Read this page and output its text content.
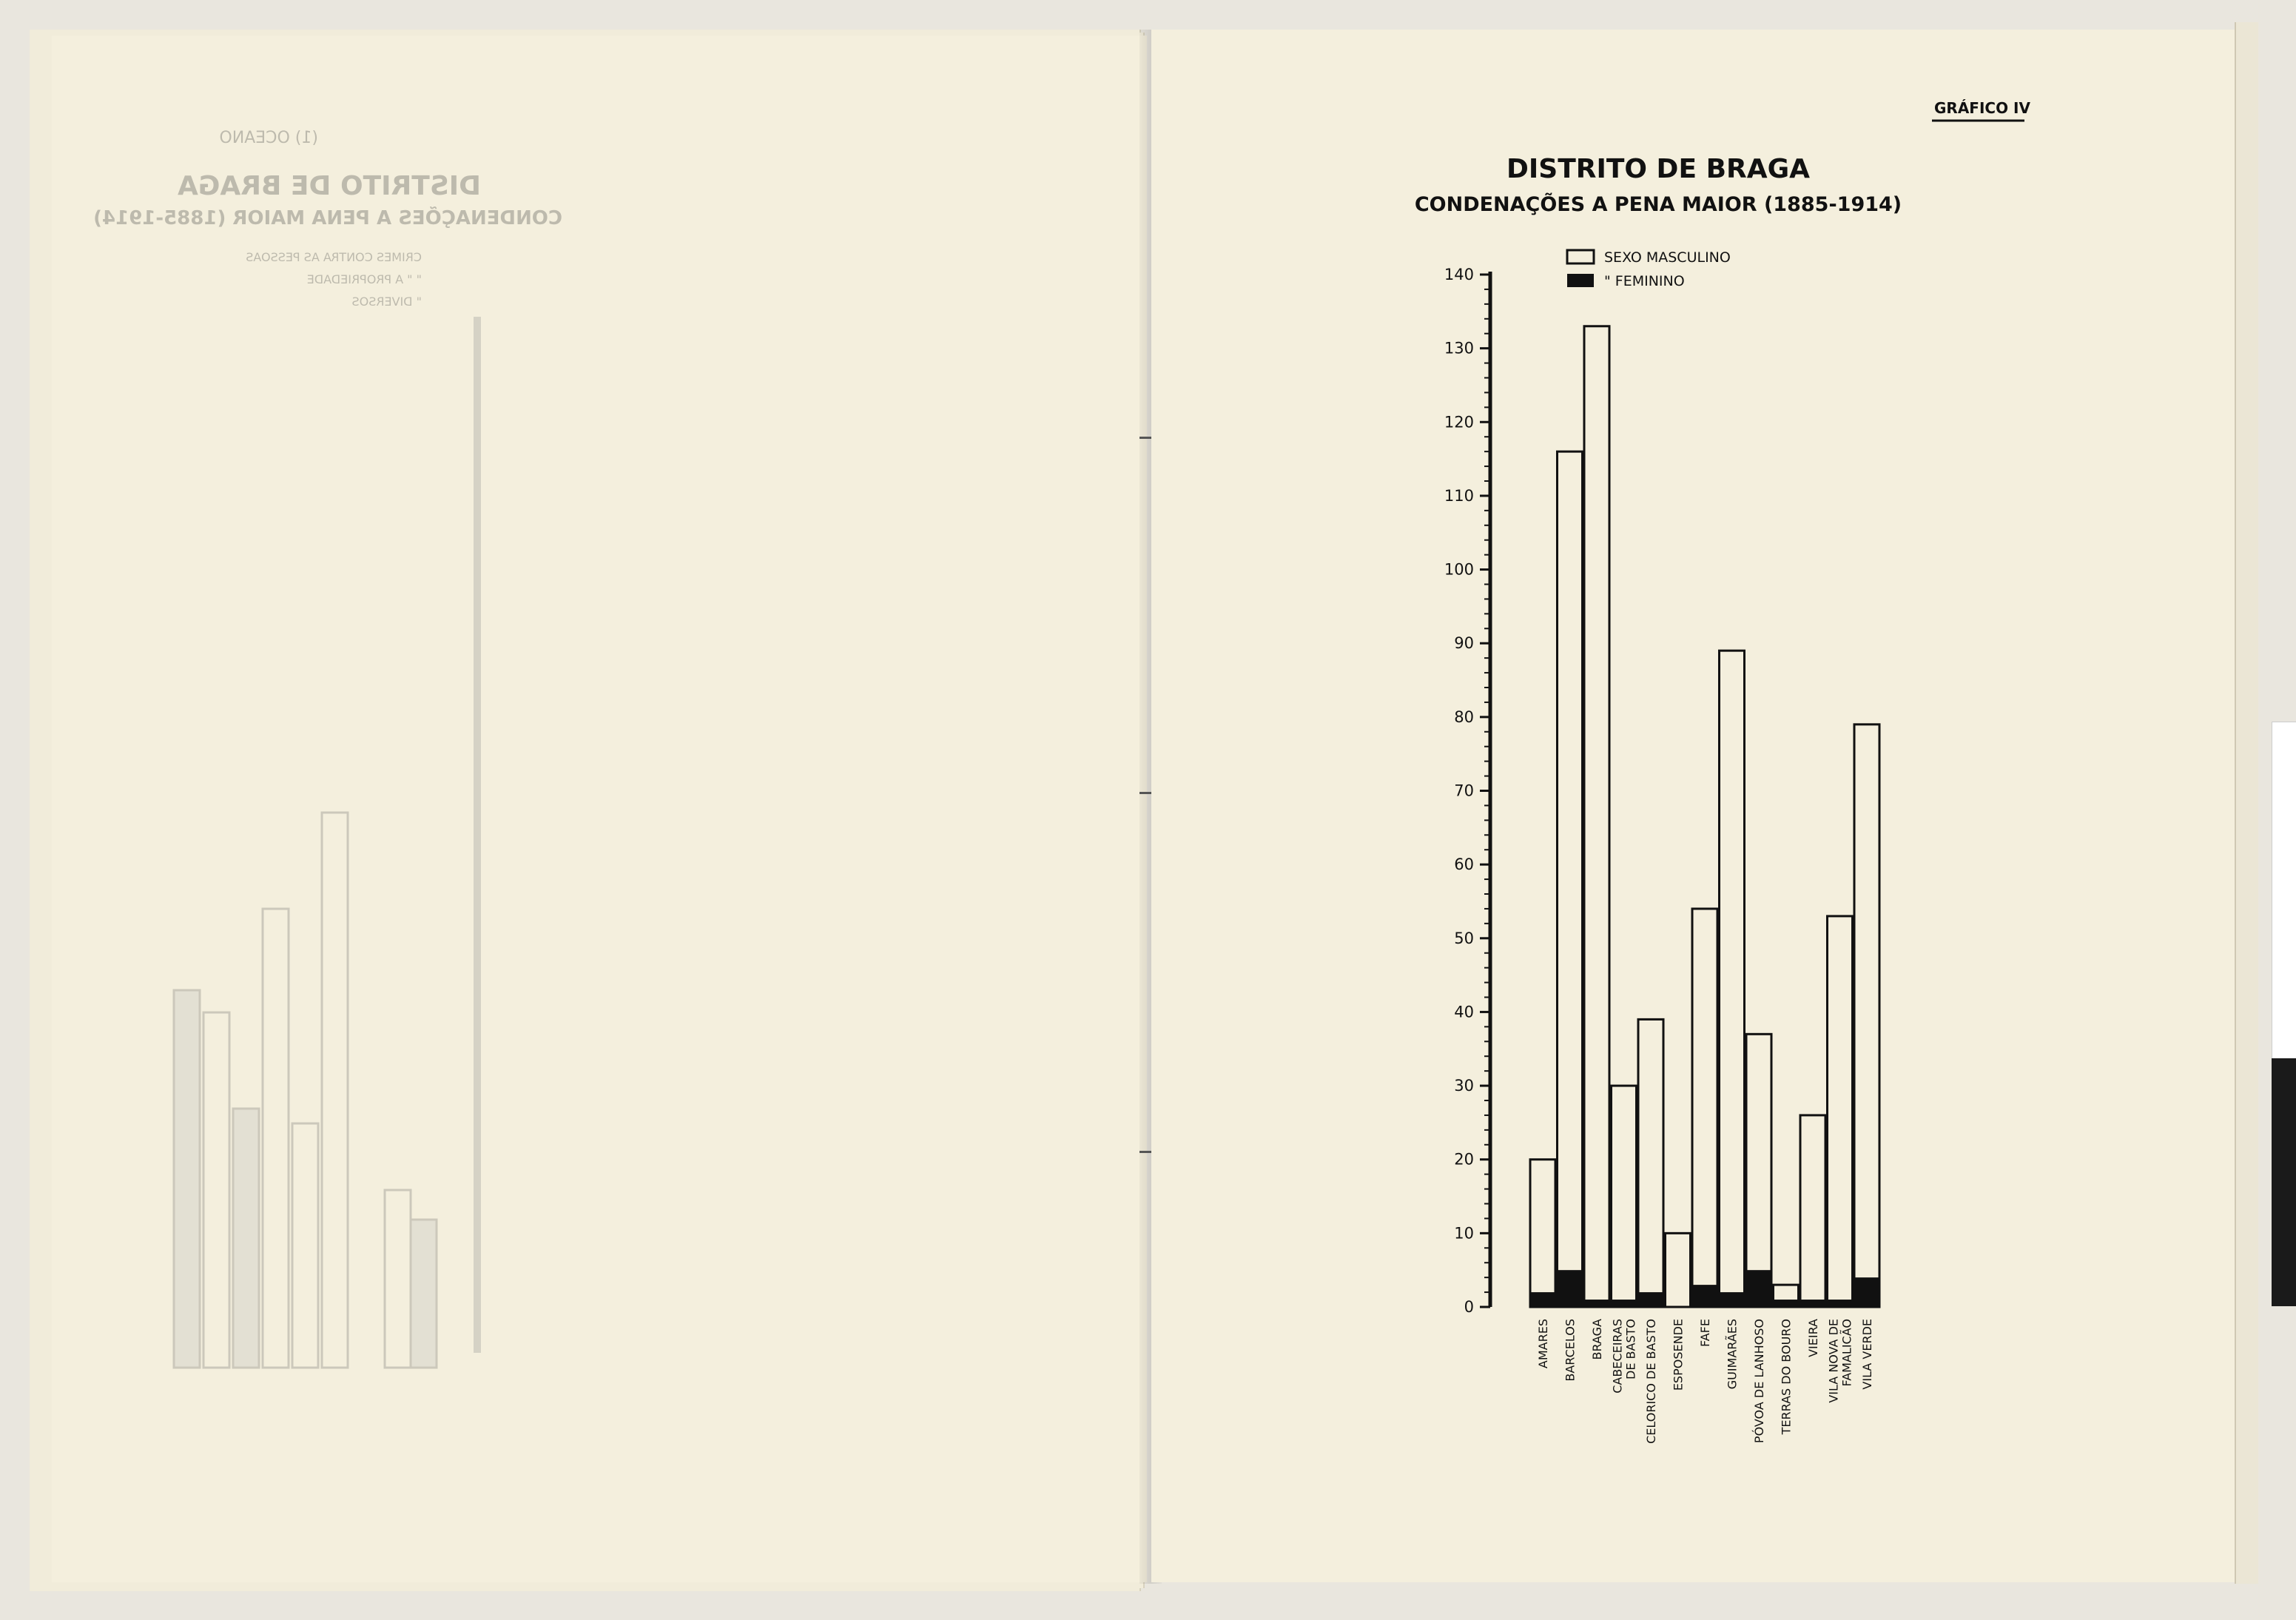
(1) OCEANO
DISTRITO DE BRAGA
CONDENAÇÕES A PENA MAIOR (1885-1914)
CRIMES CONTRA AS PESSOAS
" " A PROPRIEDADE
" DIVERSOS
GRÁFICO IV
DISTRITO DE BRAGA
CONDENAÇÕES A PENA MAIOR (1885-1914)
SEXO MASCULINO
" FEMININO
0
10
20
30
40
50
60
70
80
90
100
110
120
130
140
AMARES BARCELOS BRAGA CABECEIRAS DE BASTO CELORICO DE BASTO ESPOSENDE FAFE GUIMARÃES PÓVOA DE LANHOSO TERRAS DO BOURO VIEIRA VILA NOVA DE FAMALICÃO VILA VERDE
